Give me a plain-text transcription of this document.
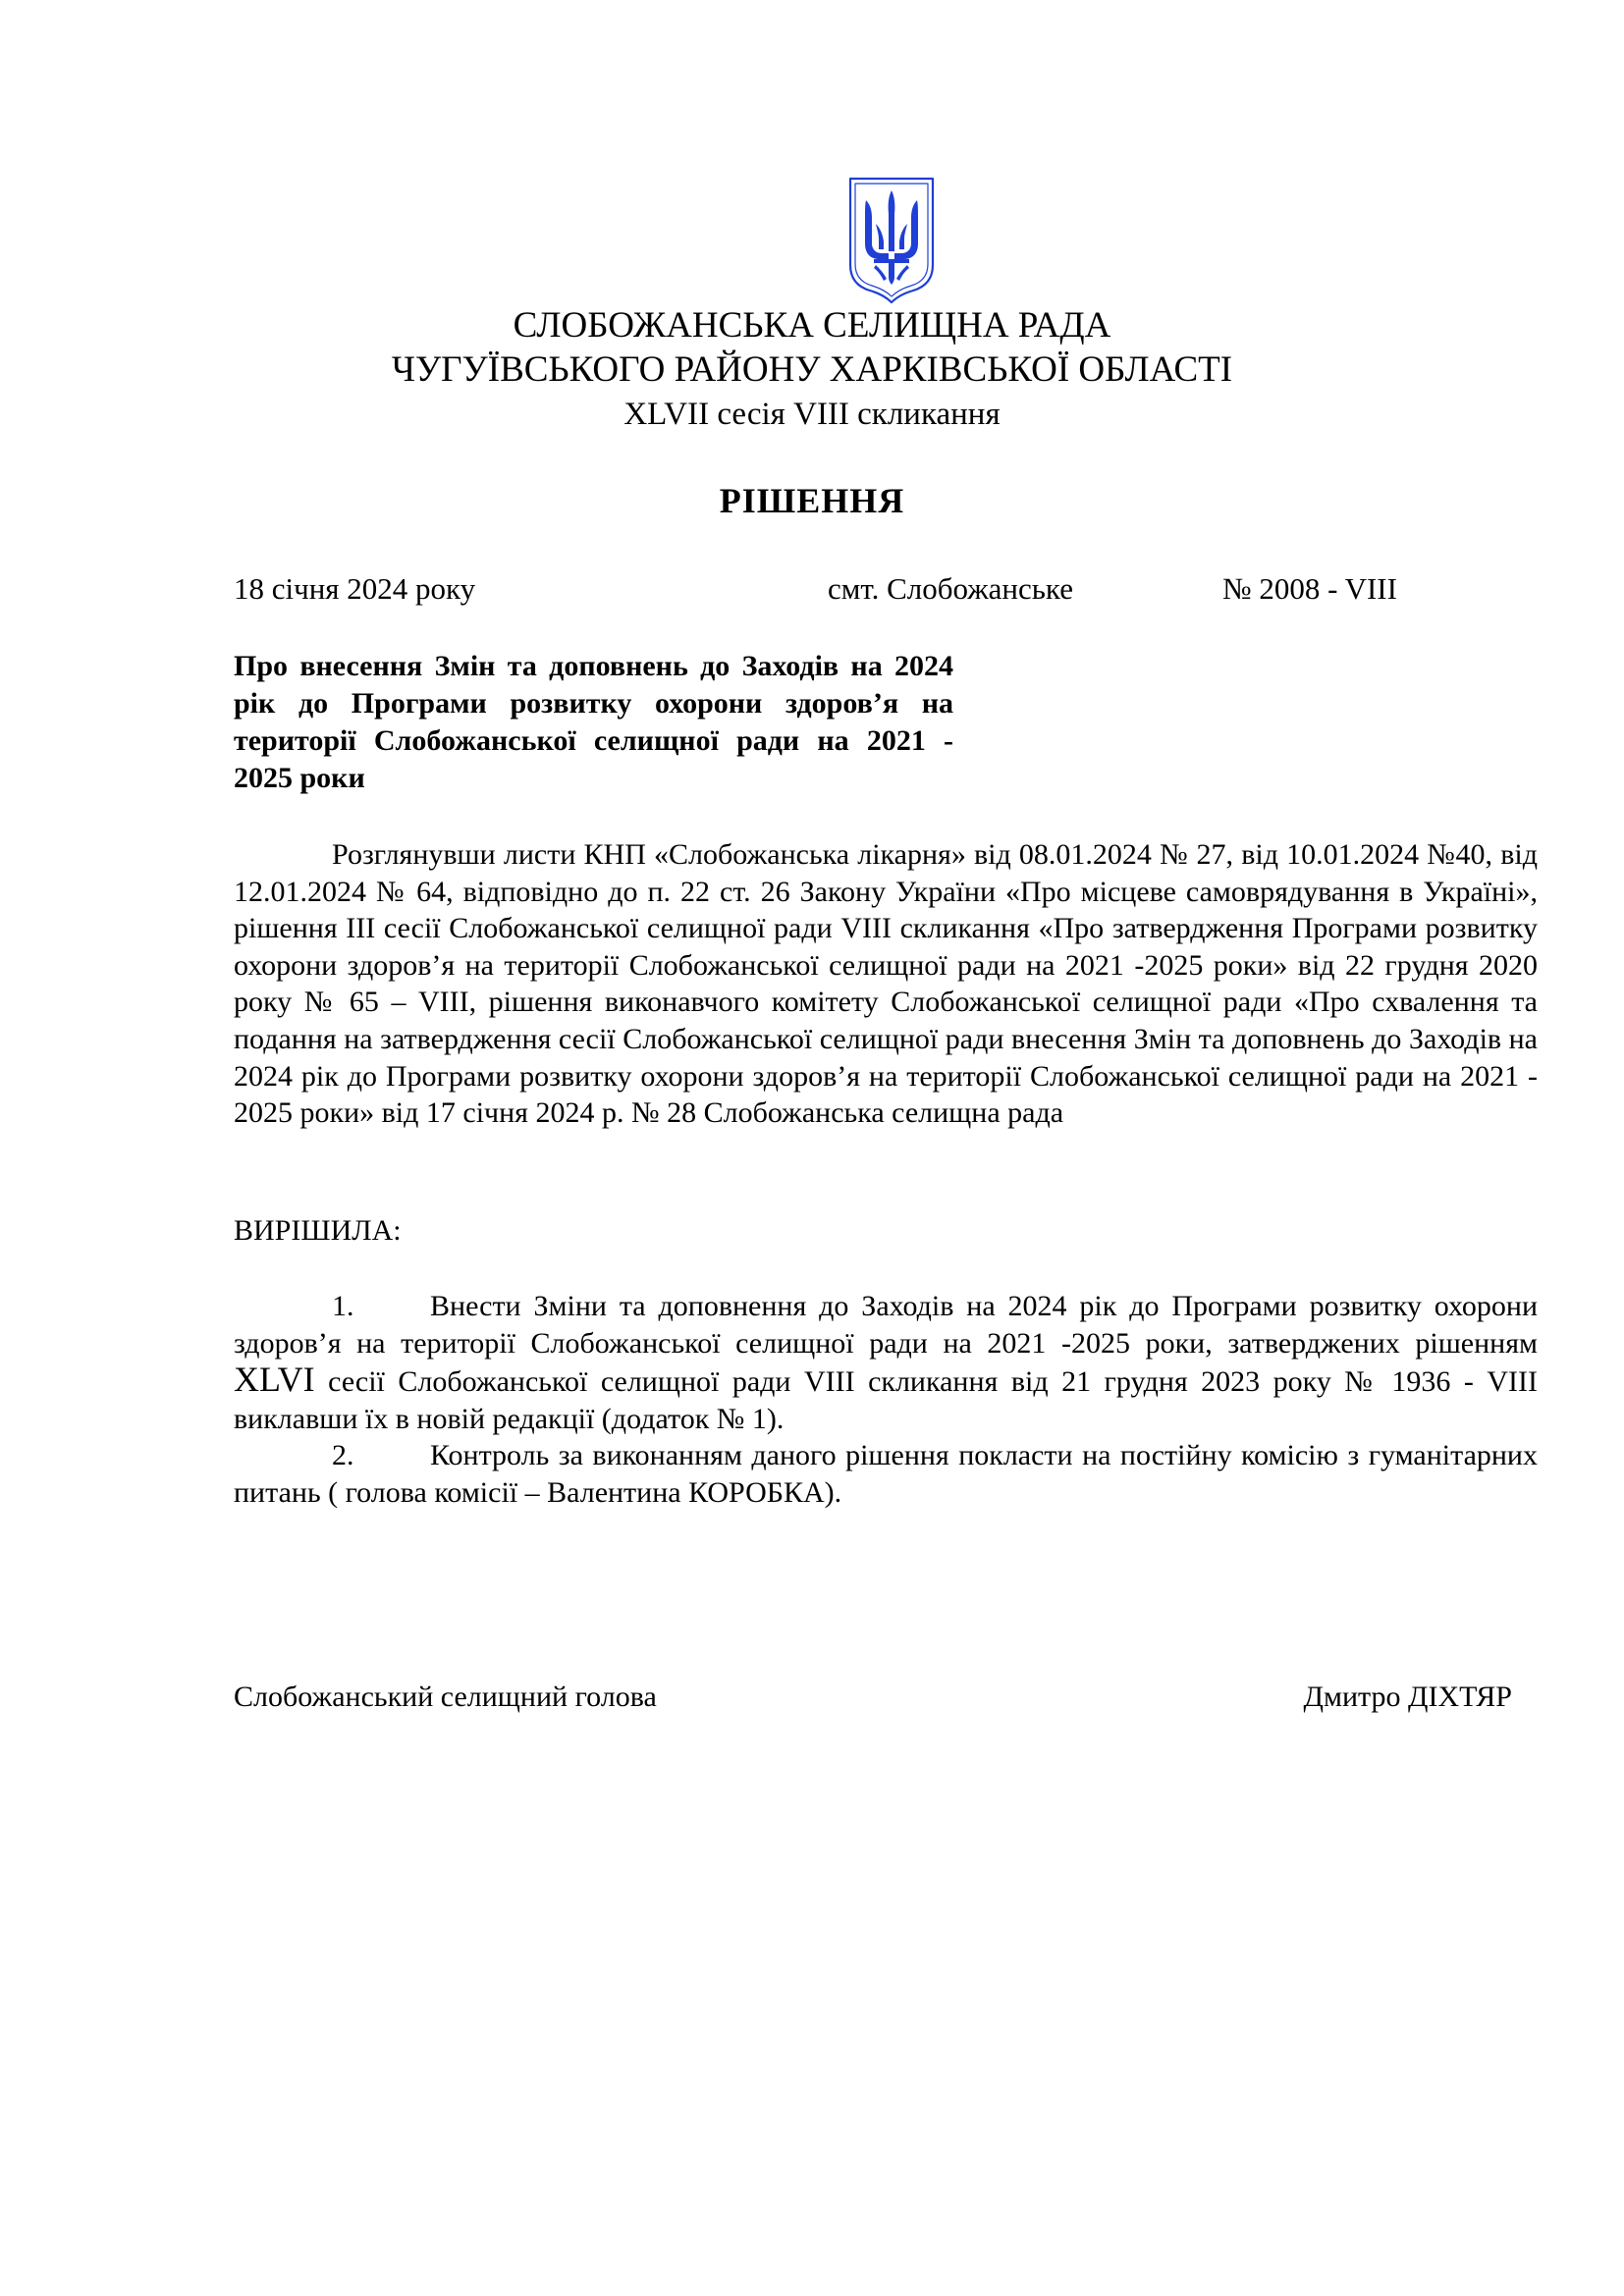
СЛОБОЖАНСЬКА СЕЛИЩНА РАДА
ЧУГУЇВСЬКОГО РАЙОНУ ХАРКІВСЬКОЇ ОБЛАСТІ
XLVII сесія VIII скликання
РІШЕННЯ
18 січня 2024 року	смт. Слобожанське	№ 2008 - VIII
Про внесення Змін та доповнень до Заходів на 2024 рік до Програми розвитку охорони здоров’я на території Слобожанської селищної ради на 2021 - 2025 роки

Розглянувши листи КНП «Слобожанська лікарня» від 08.01.2024 № 27, від 10.01.2024 №40, від 12.01.2024 № 64, відповідно до п. 22 ст. 26 Закону України «Про місцеве самоврядування в Україні», рішення ІІІ сесії Слобожанської селищної ради VIII скликання «Про затвердження Програми розвитку охорони здоров’я на території Слобожанської селищної ради на 2021 -2025 роки» від 22 грудня 2020 року № 65 – VIII, рішення виконавчого комітету Слобожанської селищної ради «Про схвалення та подання на затвердження сесії Слобожанської селищної ради внесення Змін та доповнень до Заходів на 2024 рік до Програми розвитку охорони здоров’я на території Слобожанської селищної ради на 2021 - 2025 роки» від 17 січня 2024 р. № 28 Слобожанська селищна рада

ВИРІШИЛА:

1.	Внести Зміни та доповнення до Заходів на 2024 рік до Програми розвитку охорони здоров’я на території Слобожанської селищної ради на 2021 -2025 роки, затверджених рішенням XLVI сесії Слобожанської селищної ради VIII скликання від 21 грудня 2023 року № 1936 - VIII виклавши їх в новій редакції (додаток № 1).

2.	Контроль за виконанням даного рішення покласти на постійну комісію з гуманітарних питань ( голова комісії – Валентина КОРОБКА).

Слобожанський селищний голова	Дмитро ДІХТЯР
